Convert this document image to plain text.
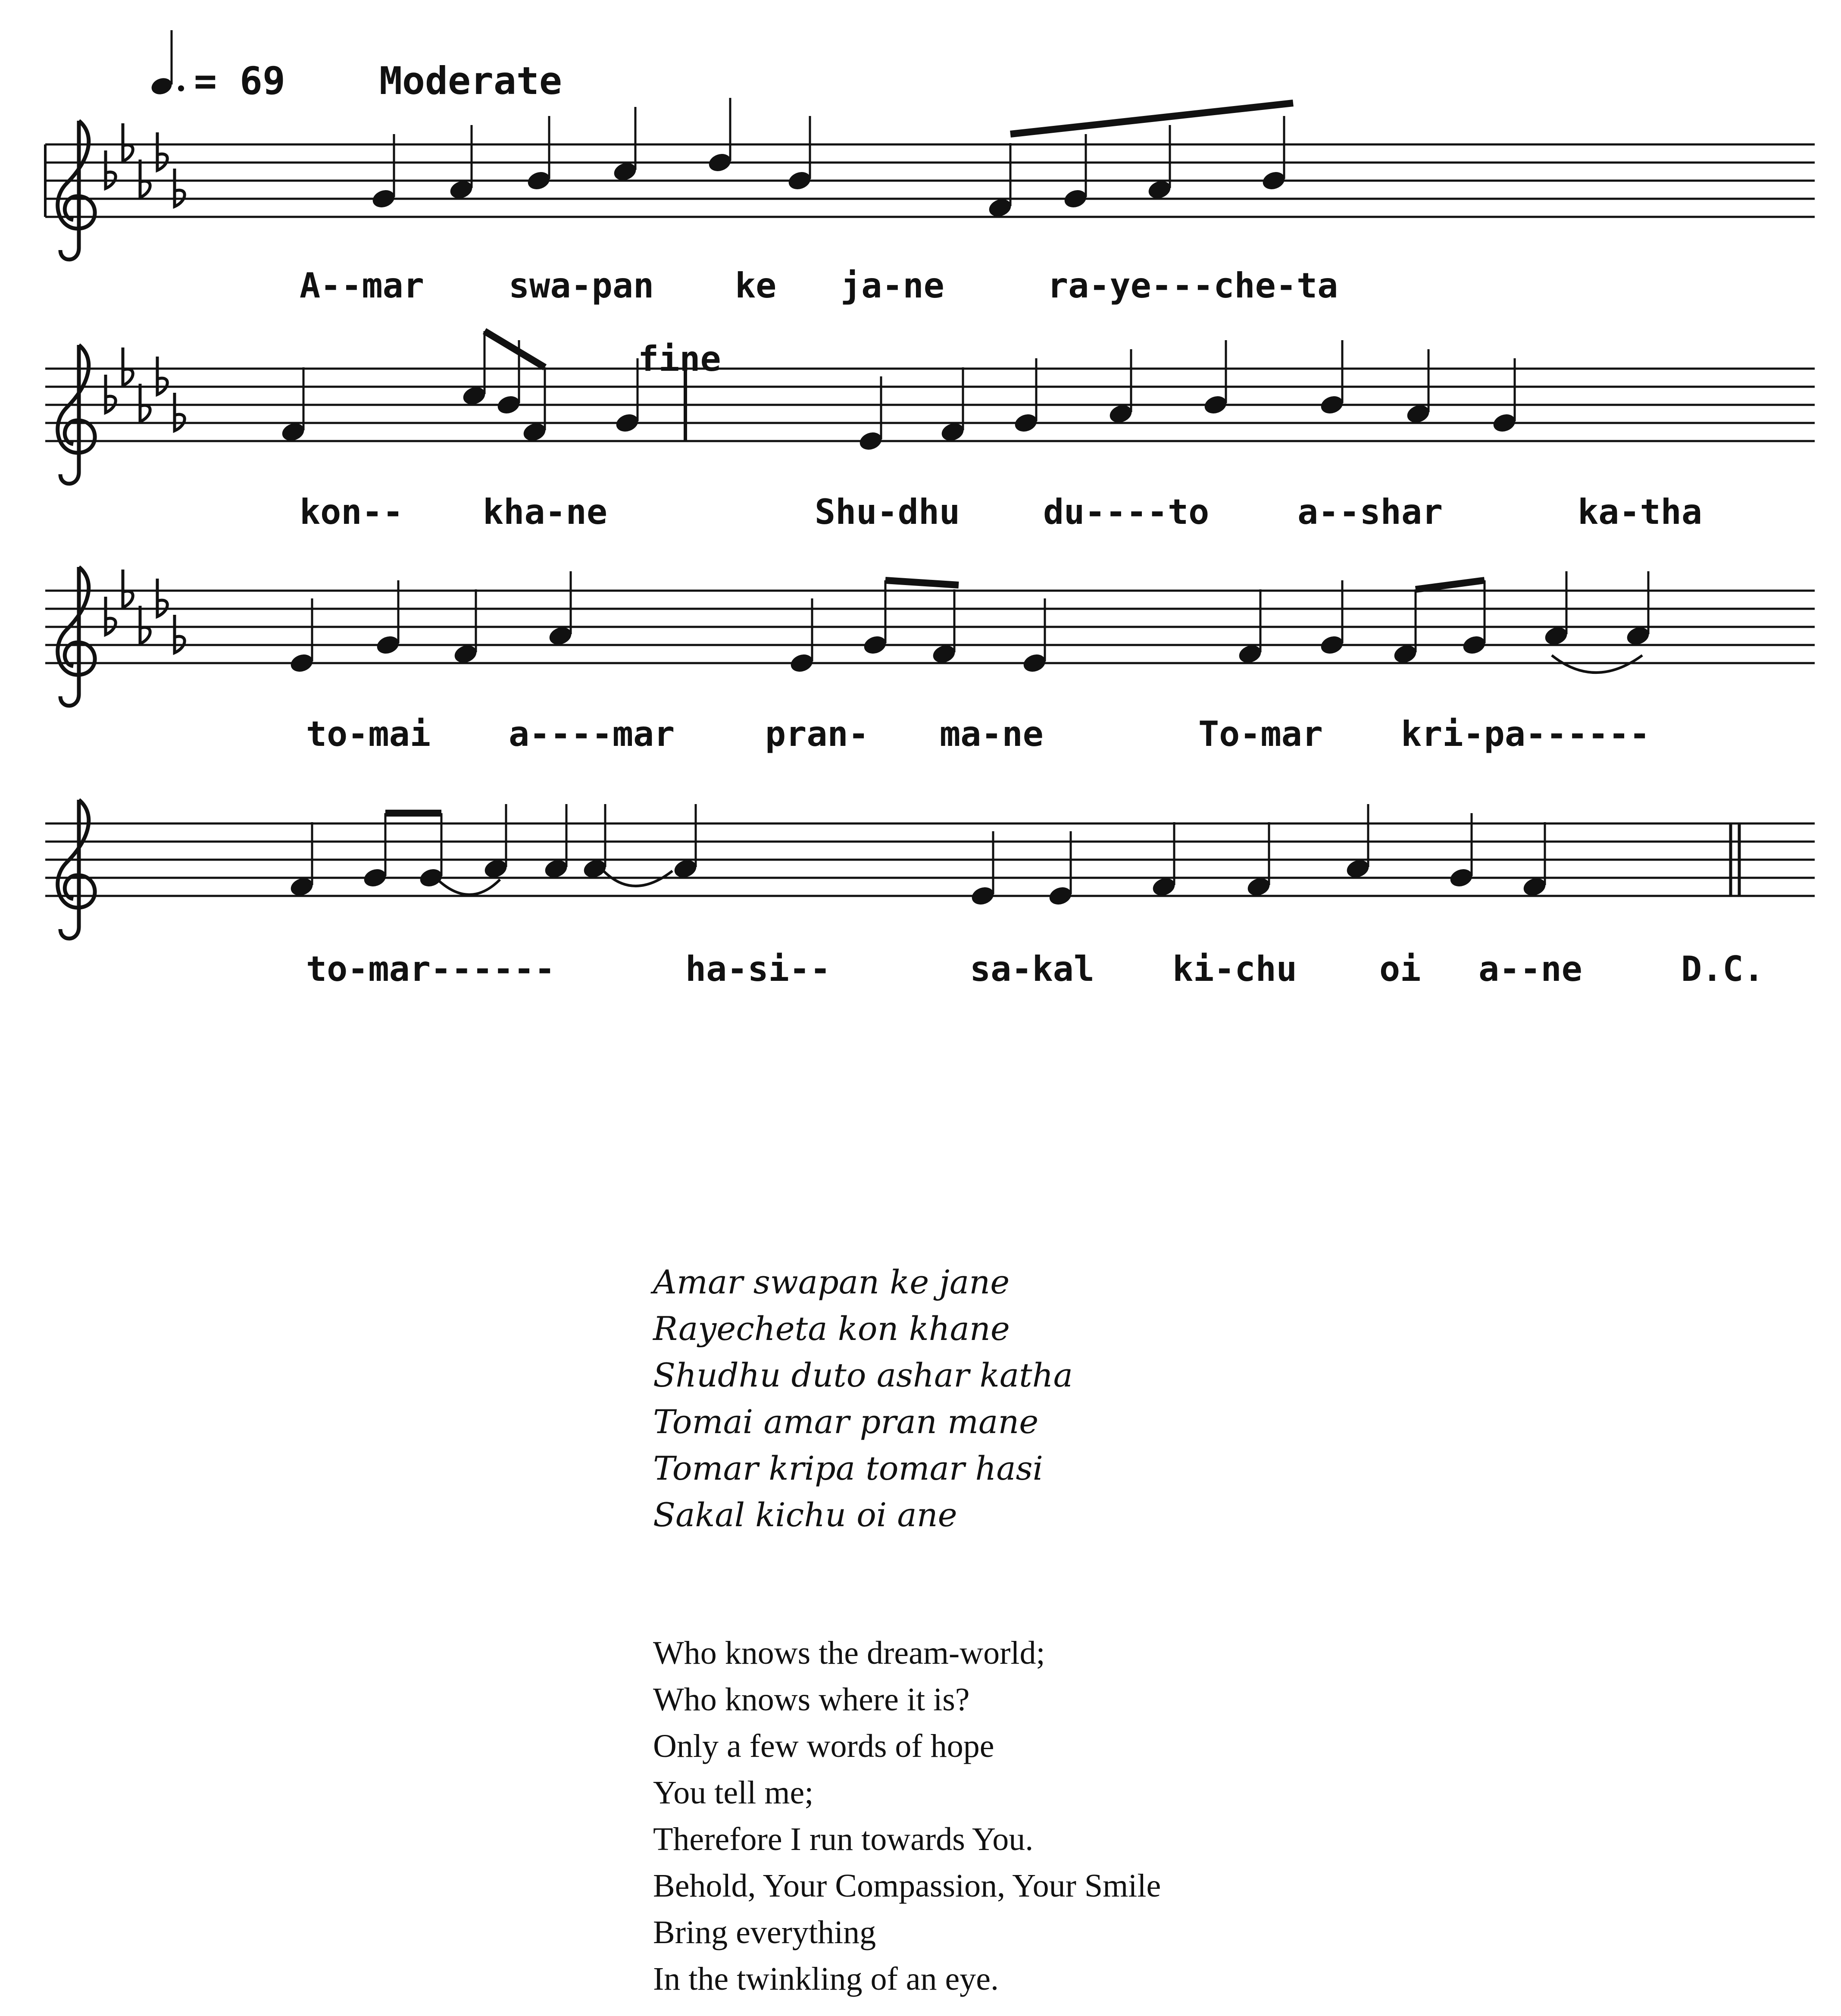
= 69 Moderate
fine
A--mar swa-pan ke ja-ne	ra-ye---che-ta
kon-- kha-ne	Shu-dhu du----to	a--shar	ka-tha
to-mai a----mar	pran- ma-ne	To-mar kri-pa------
to-mar------	ha-si--	sa-kal ki-chu oi a--ne	D.C.
Amar swapan ke jane
Rayecheta kon khane
Shudhu duto ashar katha
Tomai amar pran mane
Tomar kripa tomar hasi
Sakal kichu oi ane
Who knows the dream-world;
Who knows where it is?
Only a few words of hope
You tell me;
Therefore I run towards You.
Behold, Your Compassion, Your Smile
Bring everything
In the twinkling of an eye.
